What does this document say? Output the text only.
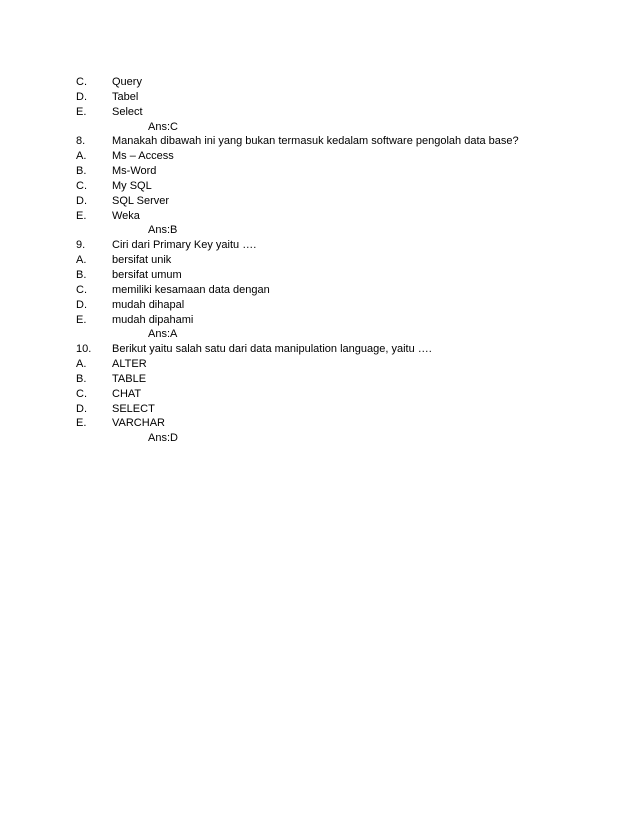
C. Query
D. Tabel
E. Select
Ans:C
8. Manakah dibawah ini yang bukan termasuk kedalam software pengolah data base?
A. Ms – Access
B. Ms-Word
C. My SQL
D. SQL Server
E. Weka
Ans:B
9. Ciri dari Primary Key yaitu ….
A. bersifat unik
B. bersifat umum
C. memiliki kesamaan data dengan
D. mudah dihapal
E. mudah dipahami
Ans:A
10. Berikut yaitu salah satu dari data manipulation language, yaitu ….
A. ALTER
B. TABLE
C. CHAT
D. SELECT
E. VARCHAR
Ans:D
